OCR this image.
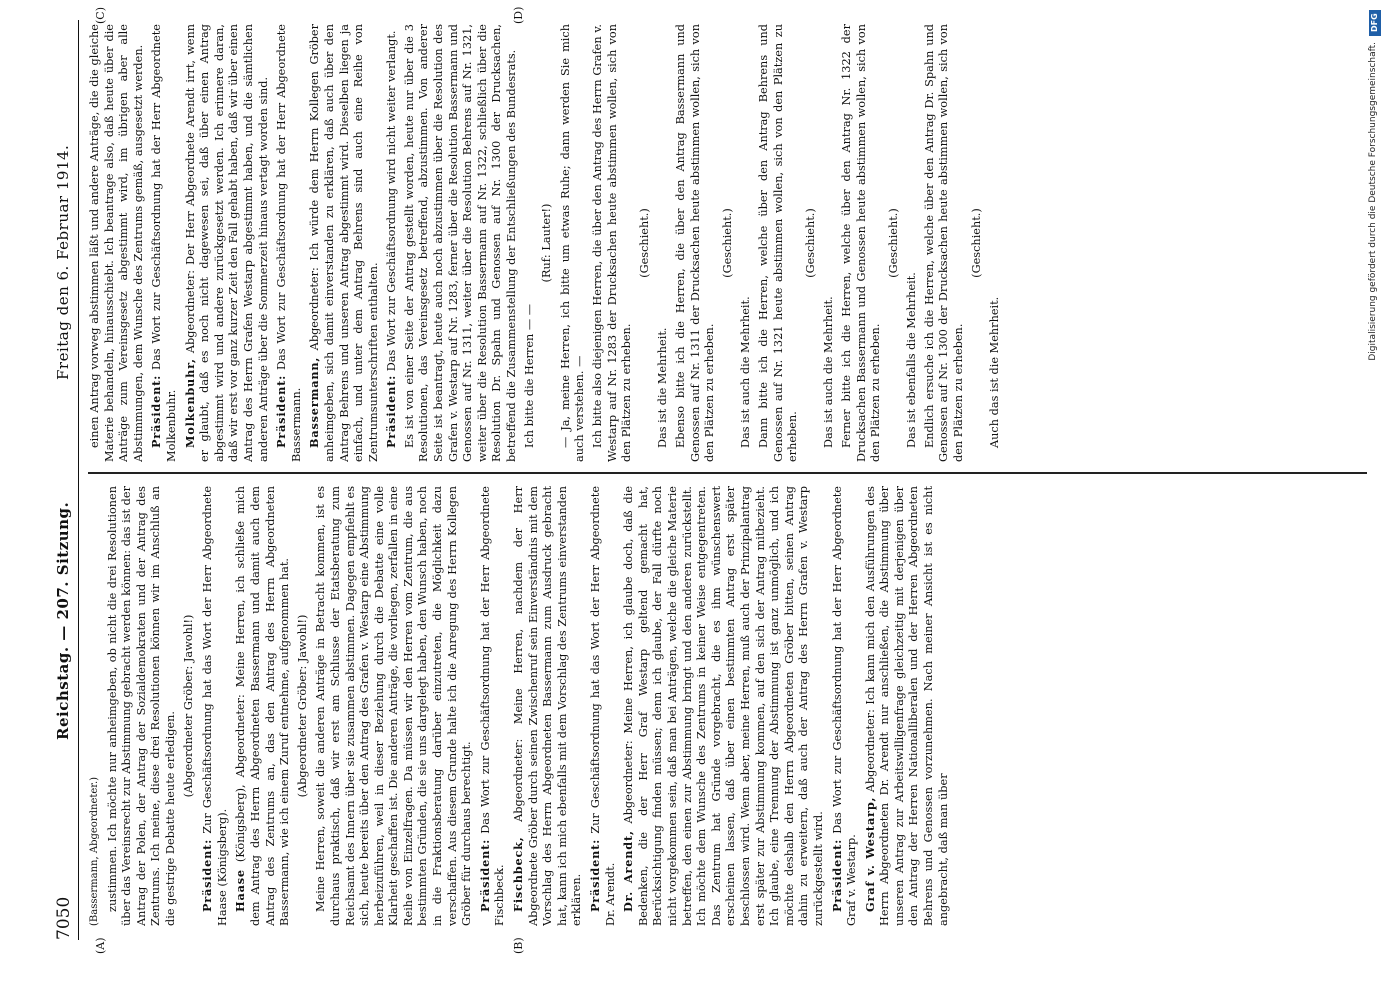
7050
Reichstag. — 207. Sitzung.
Freitag den 6. Februar 1914.
(A)	(B)
(C)	(D)

(Bassermann, Abgeordneter.) zustimmen. Ich möchte nur anheimgeben, ob nicht die drei Resolutionen über das Vereinsrecht zur Abstimmung gebracht werden können: das ist der Antrag der Polen, der Antrag der Sozialdemokraten und der Antrag des Zentrums. Ich meine, diese drei Resolutionen können wir im Anschluß an die gestrige Debatte heute erledigen.

(Abgeordneter Gröber: Jawohl!)

Präsident: Zur Geschäftsordnung hat das Wort der Herr Abgeordnete Haase (Königsberg). Haase (Königsberg), Abgeordneter: Meine Herren, ich schließe mich dem Antrag des Herrn Abgeordneten Bassermann und damit auch dem Antrag des Zentrums an, das den Antrag des Herrn Abgeordneten Bassermann, wie ich einem Zuruf entnehme, aufgenommen hat. (Abgeordneter Gröber: Jawohl!) Meine Herren, soweit die anderen Anträge in Betracht kommen, ist es durchaus praktisch, daß wir erst am Schlusse der Etatsberatung zum Reichsamt des Innern über sie zusammen abstimmen. Dagegen empfiehlt es sich, heute bereits über den Antrag des Grafen v. Westarp eine Abstimmung herbeizuführen, weil in dieser Beziehung durch die Debatte eine volle Klarheit geschaffen ist. Die anderen Anträge, die vorliegen, zerfallen in eine Reihe von Einzelfragen. Da müssen wir den Herren vom Zentrum, die aus bestimmten Gründen, die sie uns dargelegt haben, den Wunsch haben, noch in die Fraktionsberatung darüber einzutreten, die Möglichkeit dazu verschaffen. Aus diesem Grunde halte ich die Anregung des Herrn Kollegen Gröber für durchaus berechtigt. Präsident: Das Wort zur Geschäftsordnung hat der Herr Abgeordnete Fischbeck. Fischbeck, Abgeordneter: Meine Herren, nachdem der Herr Abgeordnete Gröber durch seinen Zwischenruf sein Einverständnis mit dem Vorschlag des Herrn Abgeordneten Bassermann zum Ausdruck gebracht hat, kann ich mich ebenfalls mit dem Vorschlag des Zentrums einverstanden erklären. Präsident: Zur Geschäftsordnung hat das Wort der Herr Abgeordnete Dr. Arendt. Dr. Arendt, Abgeordneter: Meine Herren, ich glaube doch, daß die Bedenken, die der Herr Graf Westarp geltend gemacht hat, Berücksichtigung finden müssen; denn ich glaube, der Fall dürfte noch nicht vorgekommen sein, daß man bei Anträgen, welche die gleiche Materie betreffen, den einen zur Abstimmung bringt und den anderen zurückstellt. Ich möchte dem Wunsche des Zentrums in keiner Weise entgegentreten. Das Zentrum hat Gründe vorgebracht, die es ihm wünschenswert erscheinen lassen, daß über einen bestimmten Antrag erst später beschlossen wird. Wenn aber, meine Herren, muß auch der Prinzipalantrag erst später zur Abstimmung kommen, auf den sich der Antrag mitbezieht. Ich glaube, eine Trennung der Abstimmung ist ganz unmöglich, und ich möchte deshalb den Herrn Abgeordneten Gröber bitten, seinen Antrag dahin zu erweitern, daß auch der Antrag des Herrn Grafen v. Westarp zurückgestellt wird. Präsident: Das Wort zur Geschäftsordnung hat der Herr Abgeordnete Graf v. Westarp. Graf v. Westarp, Abgeordneter: Ich kann mich den Ausführungen des Herrn Abgeordneten Dr. Arendt nur anschließen, die Abstimmung über unseren Antrag zur Arbeitswilligenfrage gleichzeitig mit derjenigen über den Antrag der Herren Nationalliberalen und der Herren Abgeordneten Behrens und Genossen vorzunehmen. Nach meiner Ansicht ist es nicht angebracht, daß man über

einen Antrag vorweg abstimmen läßt und andere Anträge, die die gleiche Materie behandeln, hinausschiebt. Ich beantrage also, daß heute über die Anträge zum Vereinsgesetz abgestimmt wird, im übrigen aber alle Abstimmungen, dem Wunsche des Zentrums gemäß, ausgesetzt werden. Präsident: Das Wort zur Geschäftsordnung hat der Herr Abgeordnete Molkenbuhr. Molkenbuhr, Abgeordneter: Der Herr Abgeordnete Arendt irrt, wenn er glaubt, daß es noch nicht dagewesen sei, daß über einen Antrag abgestimmt wird und andere zurückgesetzt werden. Ich erinnere daran, daß wir erst vor ganz kurzer Zeit den Fall gehabt haben, daß wir über einen Antrag des Herrn Grafen Westarp abgestimmt haben, und die sämtlichen anderen Anträge über die Sommerzeit hinaus vertagt worden sind. Präsident: Das Wort zur Geschäftsordnung hat der Herr Abgeordnete Bassermann. Bassermann, Abgeordneter: Ich würde dem Herrn Kollegen Gröber anheimgeben, sich damit einverstanden zu erklären, daß auch über den Antrag Behrens und unseren Antrag abgestimmt wird. Dieselben liegen ja einfach, und unter dem Antrag Behrens sind auch eine Reihe von Zentrumsunterschriften enthalten. Präsident: Das Wort zur Geschäftsordnung wird nicht weiter verlangt. Es ist von einer Seite der Antrag gestellt worden, heute nur über die 3 Resolutionen, das Vereinsgesetz betreffend, abzustimmen. Von anderer Seite ist beantragt, heute auch noch abzustimmen über die Resolution des Grafen v. Westarp auf Nr. 1283, ferner über die Resolution Bassermann und Genossen auf Nr. 1311, weiter über die Resolution Behrens auf Nr. 1321, weiter über die Resolution Bassermann auf Nr. 1322, schließlich über die Resolution Dr. Spahn und Genossen auf Nr. 1300 der Drucksachen, betreffend die Zusammenstellung der Entschließungen des Bundesrats. Ich bitte die Herren — —

(Ruf: Lauter!) — Ja, meine Herren, ich bitte um etwas Ruhe; dann werden Sie mich auch verstehen. — Ich bitte also diejenigen Herren, die über den Antrag des Herrn Grafen v. Westarp auf Nr. 1283 der Drucksachen heute abstimmen wollen, sich von den Plätzen zu erheben.

(Geschieht.)

Das ist die Mehrheit. Ebenso bitte ich die Herren, die über den Antrag Bassermann und Genossen auf Nr. 1311 der Drucksachen heute abstimmen wollen, sich von den Plätzen zu erheben.

(Geschieht.)

Das ist auch die Mehrheit. Dann bitte ich die Herren, welche über den Antrag Behrens und Genossen auf Nr. 1321 heute abstimmen wollen, sich von den Plätzen zu erheben.

(Geschieht.)

Das ist auch die Mehrheit. Ferner bitte ich die Herren, welche über den Antrag Nr. 1322 der Drucksachen Bassermann und Genossen heute abstimmen wollen, sich von den Plätzen zu erheben.

(Geschieht.)

Das ist ebenfalls die Mehrheit. Endlich ersuche ich die Herren, welche über den Antrag Dr. Spahn und Genossen auf Nr. 1300 der Drucksachen heute abstimmen wollen, sich von den Plätzen zu erheben.

(Geschieht.)

Auch das ist die Mehrheit.

DFG
Digitalisierung gefördert durch die Deutsche Forschungsgemeinschaft.
